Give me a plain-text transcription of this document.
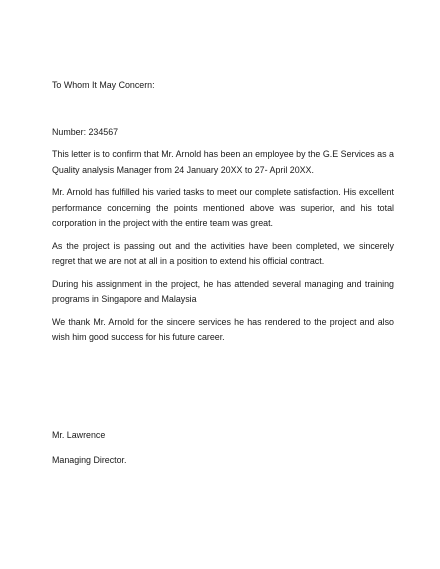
To Whom It May Concern:

Number: 234567

This letter is to confirm that Mr. Arnold has been an employee by the G.E Services as a Quality analysis Manager from 24 January 20XX to 27- April 20XX.

Mr. Arnold has fulfilled his varied tasks to meet our complete satisfaction. His excellent performance concerning the points mentioned above was superior, and his total corporation in the project with the entire team was great.

As the project is passing out and the activities have been completed, we sincerely regret that we are not at all in a position to extend his official contract.

During his assignment in the project, he has attended several managing and training programs in Singapore and Malaysia

We thank Mr. Arnold for the sincere services he has rendered to the project and also wish him good success for his future career.

Mr. Lawrence

Managing Director.
